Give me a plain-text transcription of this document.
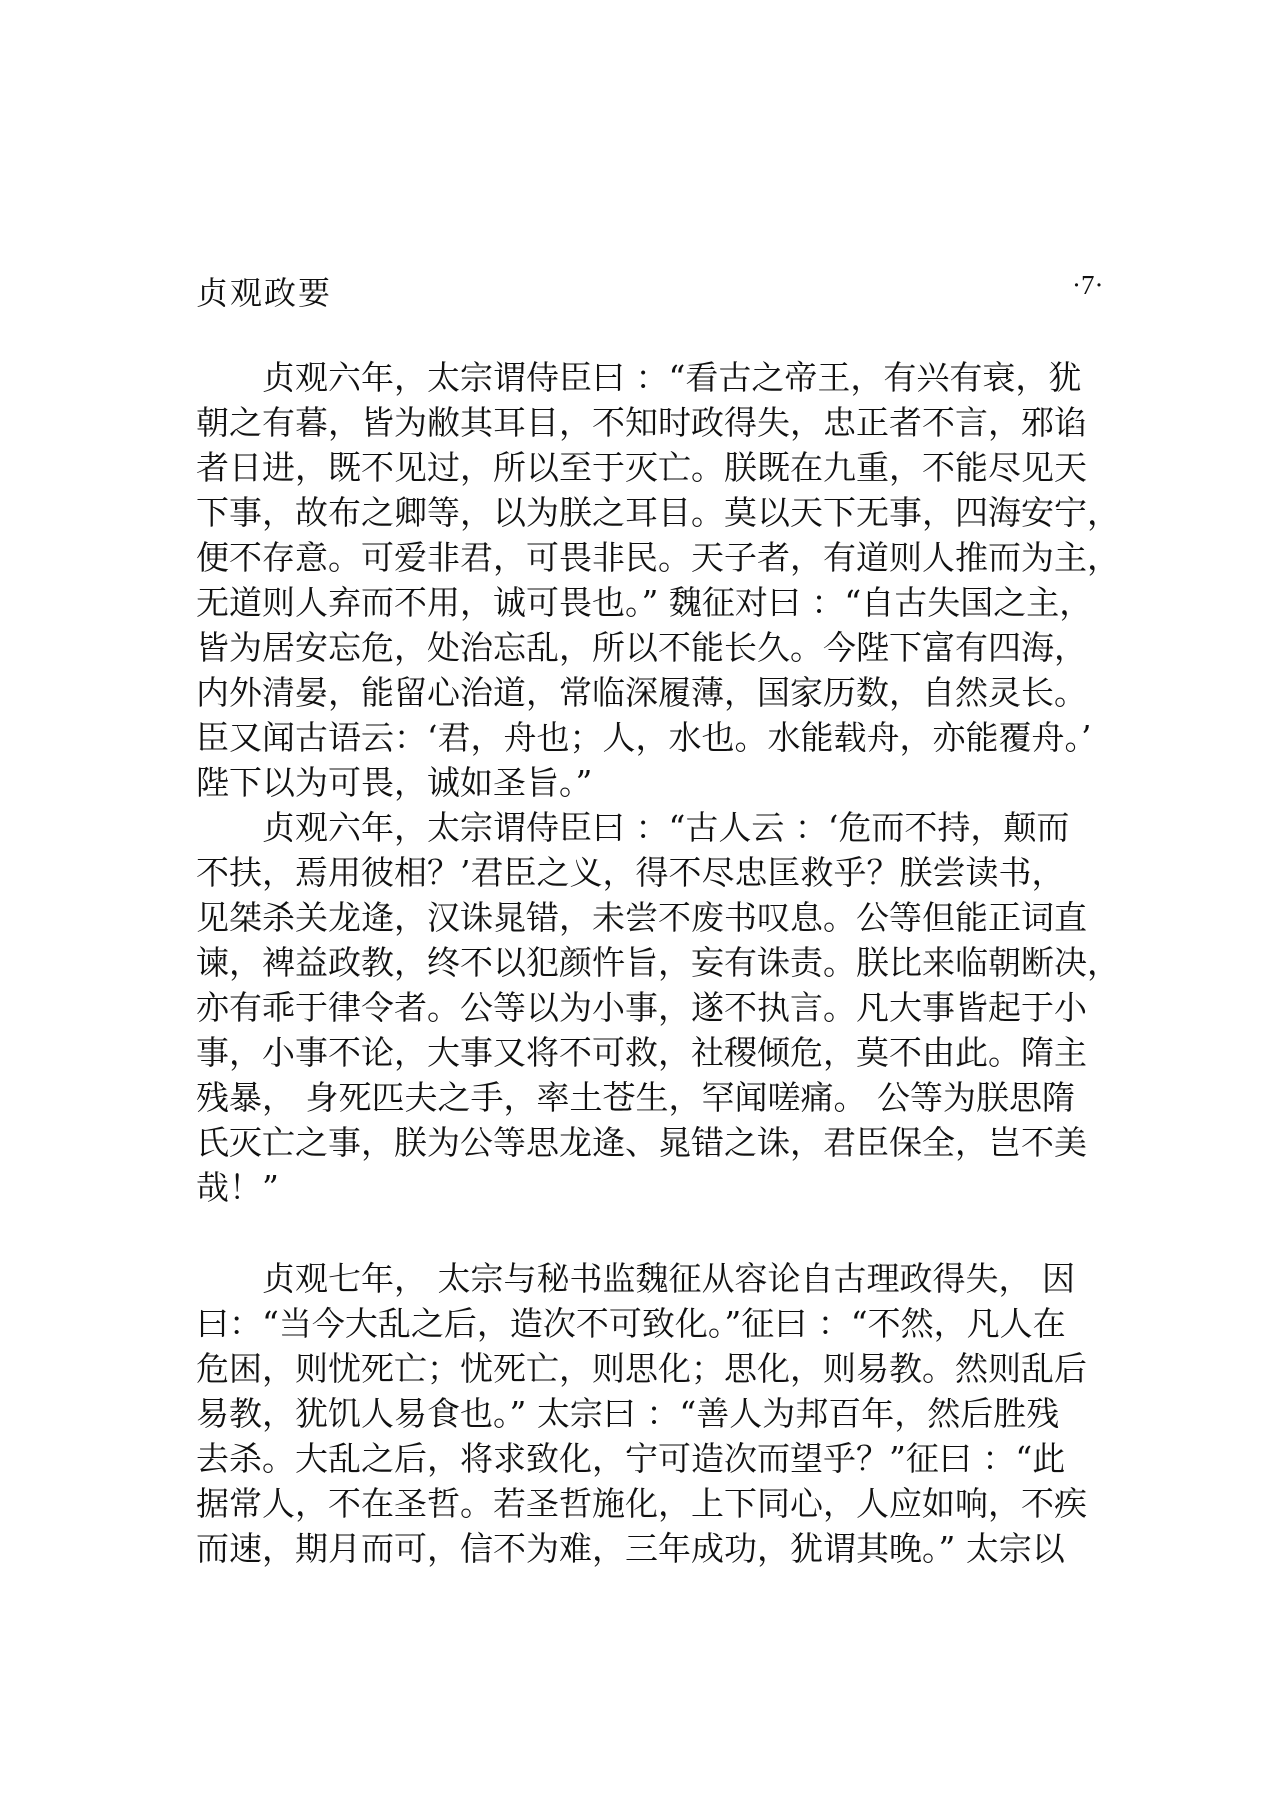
贞观政要	·7·

贞观六年，太宗谓侍臣曰 ：“看古之帝王，有兴有衰，犹
朝之有暮，皆为敝其耳目，不知时政得失，忠正者不言，邪谄
者日进，既不见过，所以至于灭亡。朕既在九重，不能尽见天
下事，故布之卿等，以为朕之耳目。莫以天下无事，四海安宁，
便不存意。可爱非君，可畏非民。天子者，有道则人推而为主，
无道则人弃而不用，诚可畏也。” 魏征对曰 ：“自古失国之主，
皆为居安忘危，处治忘乱，所以不能长久。今陛下富有四海，
内外清晏，能留心治道，常临深履薄，国家历数，自然灵长。
臣又闻古语云：‘君，舟也；人，水也。水能载舟，亦能覆舟。’
陛下以为可畏，诚如圣旨。”

贞观六年，太宗谓侍臣曰 ：“古人云 ：‘危而不持，颠而
不扶，焉用彼相？’君臣之义，得不尽忠匡救乎？朕尝读书，
见桀杀关龙逄，汉诛晁错，未尝不废书叹息。公等但能正词直
谏，裨益政教，终不以犯颜忤旨，妄有诛责。朕比来临朝断决，
亦有乖于律令者。公等以为小事，遂不执言。凡大事皆起于小
事，小事不论，大事又将不可救，社稷倾危，莫不由此。隋主
残暴， 身死匹夫之手，率土苍生，罕闻嗟痛。 公等为朕思隋
氏灭亡之事，朕为公等思龙逄、晁错之诛，君臣保全，岂不美
哉！”

贞观七年， 太宗与秘书监魏征从容论自古理政得失， 因
曰：“当今大乱之后，造次不可致化。”征曰 ：“不然，凡人在
危困，则忧死亡；忧死亡，则思化；思化，则易教。然则乱后
易教，犹饥人易食也。” 太宗曰 ：“善人为邦百年，然后胜残
去杀。大乱之后，将求致化，宁可造次而望乎？”征曰 ：“此
据常人，不在圣哲。若圣哲施化，上下同心，人应如响，不疾
而速，期月而可，信不为难，三年成功，犹谓其晚。” 太宗以
